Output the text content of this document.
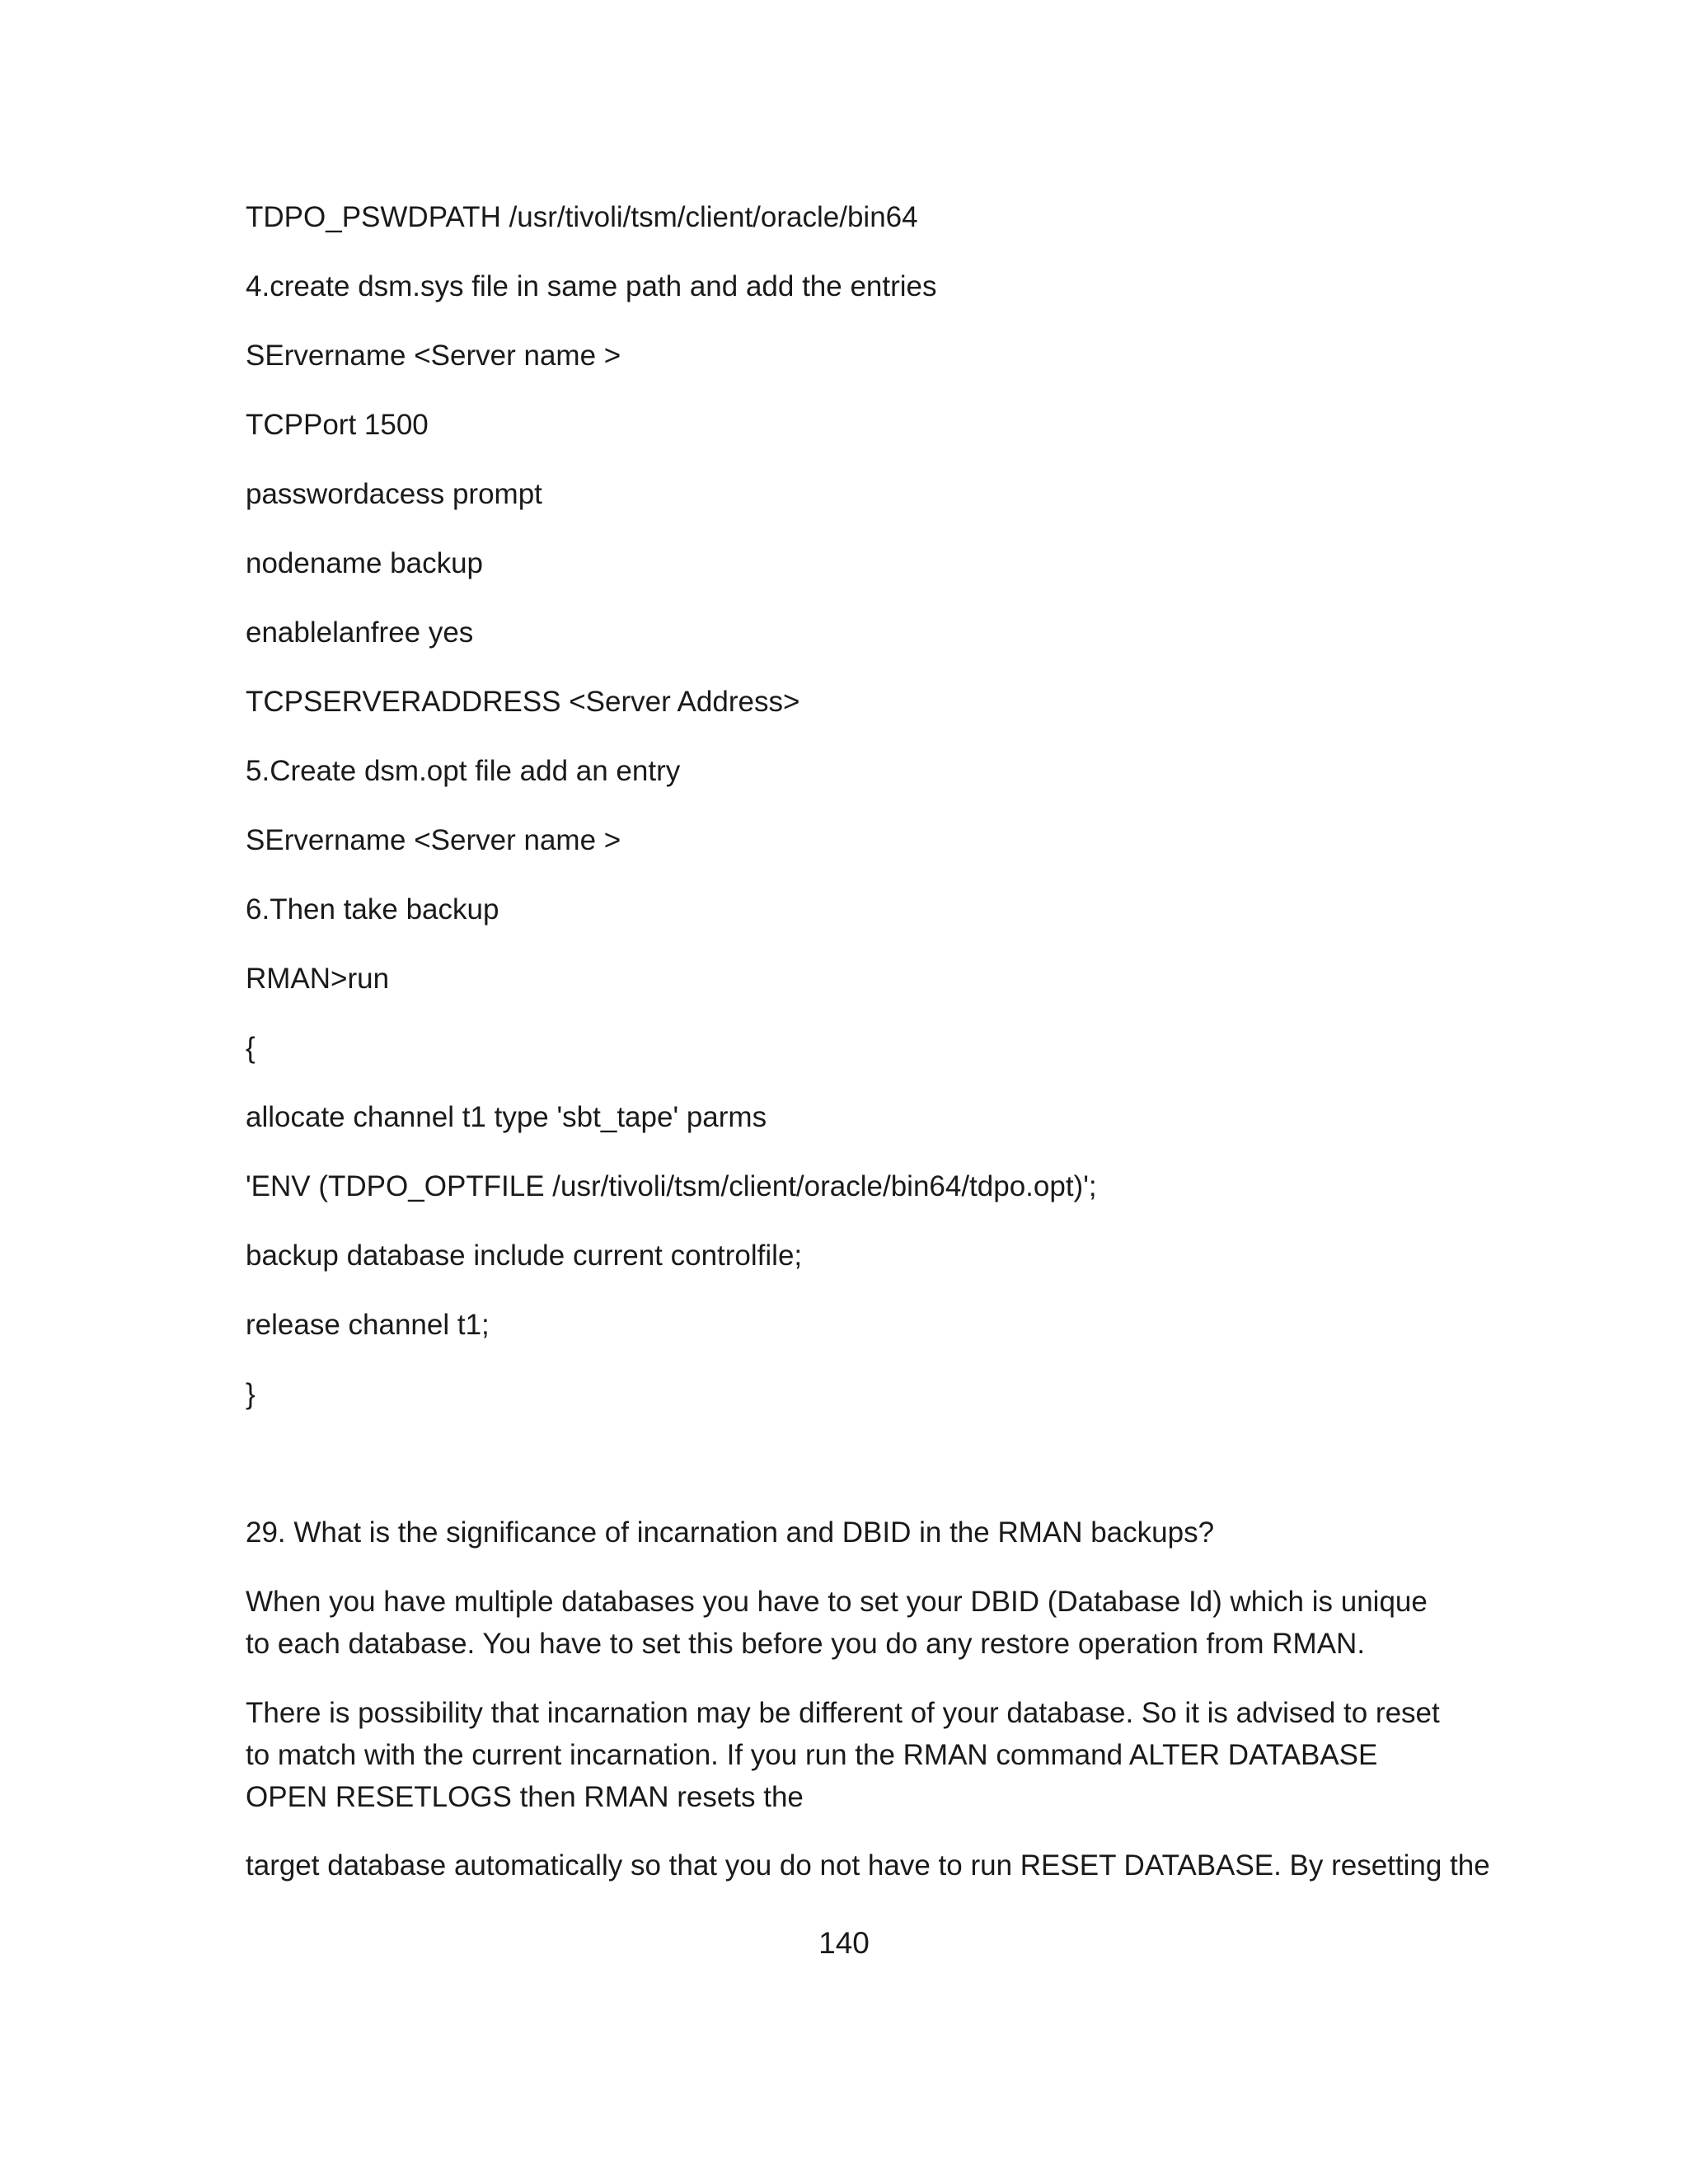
TDPO_PSWDPATH /usr/tivoli/tsm/client/oracle/bin64

4.create dsm.sys file in same path and add the entries

SErvername <Server name >

TCPPort 1500

passwordacess prompt

nodename backup

enablelanfree yes

TCPSERVERADDRESS <Server Address>

5.Create dsm.opt file add an entry

SErvername <Server name >

6.Then take backup

RMAN>run

{

allocate channel t1 type 'sbt_tape' parms

'ENV (TDPO_OPTFILE /usr/tivoli/tsm/client/oracle/bin64/tdpo.opt)';

backup database include current controlfile;

release channel t1;

}

29. What is the significance of incarnation and DBID in the RMAN backups?

When you have multiple databases you have to set your DBID (Database Id) which is unique to each database. You have to set this before you do any restore operation from RMAN.

There is possibility that incarnation may be different of your database. So it is advised to reset to match with the current incarnation. If you run the RMAN command ALTER DATABASE OPEN RESETLOGS then RMAN resets the

target database automatically so that you do not have to run RESET DATABASE. By resetting the

140
